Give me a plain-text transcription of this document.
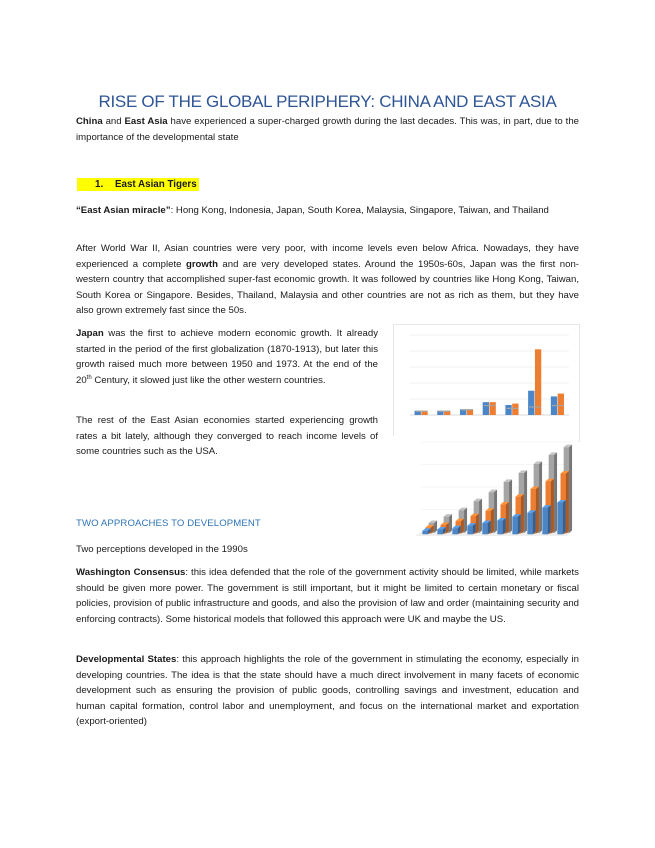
RISE OF THE GLOBAL PERIPHERY: CHINA AND EAST ASIA

China and East Asia have experienced a super-charged growth during the last decades. This was, in part, due to the importance of the developmental state

1. East Asian Tigers

“East Asian miracle”: Hong Kong, Indonesia, Japan, South Korea, Malaysia, Singapore, Taiwan, and Thailand

After World War II, Asian countries were very poor, with income levels even below Africa. Nowadays, they have experienced a complete growth and are very developed states. Around the 1950s-60s, Japan was the first non-western country that accomplished super-fast economic growth. It was followed by countries like Hong Kong, Taiwan, South Korea or Singapore. Besides, Thailand, Malaysia and other countries are not as rich as them, but they have also grown extremely fast since the 50s.

Japan was the first to achieve modern economic growth. It already started in the period of the first globalization (1870-1913), but later this growth raised much more between 1950 and 1973. At the end of the 20th Century, it slowed just like the other western countries.

The rest of the East Asian economies started experiencing growth rates a bit lately, although they converged to reach income levels of some countries such as the USA.

TWO APPROACHES TO DEVELOPMENT

Two perceptions developed in the 1990s

Washington Consensus: this idea defended that the role of the government activity should be limited, while markets should be given more power. The government is still important, but it might be limited to certain monetary or fiscal policies, provision of public infrastructure and goods, and also the provision of law and order (maintaining security and enforcing contracts). Some historical models that followed this approach were UK and maybe the US.

Developmental States: this approach highlights the role of the government in stimulating the economy, especially in developing countries. The idea is that the state should have a much direct involvement in many facets of economic development such as ensuring the provision of public goods, controlling savings and investment, education and human capital formation, control labor and unemployment, and focus on the international market and exportation (export-oriented)
